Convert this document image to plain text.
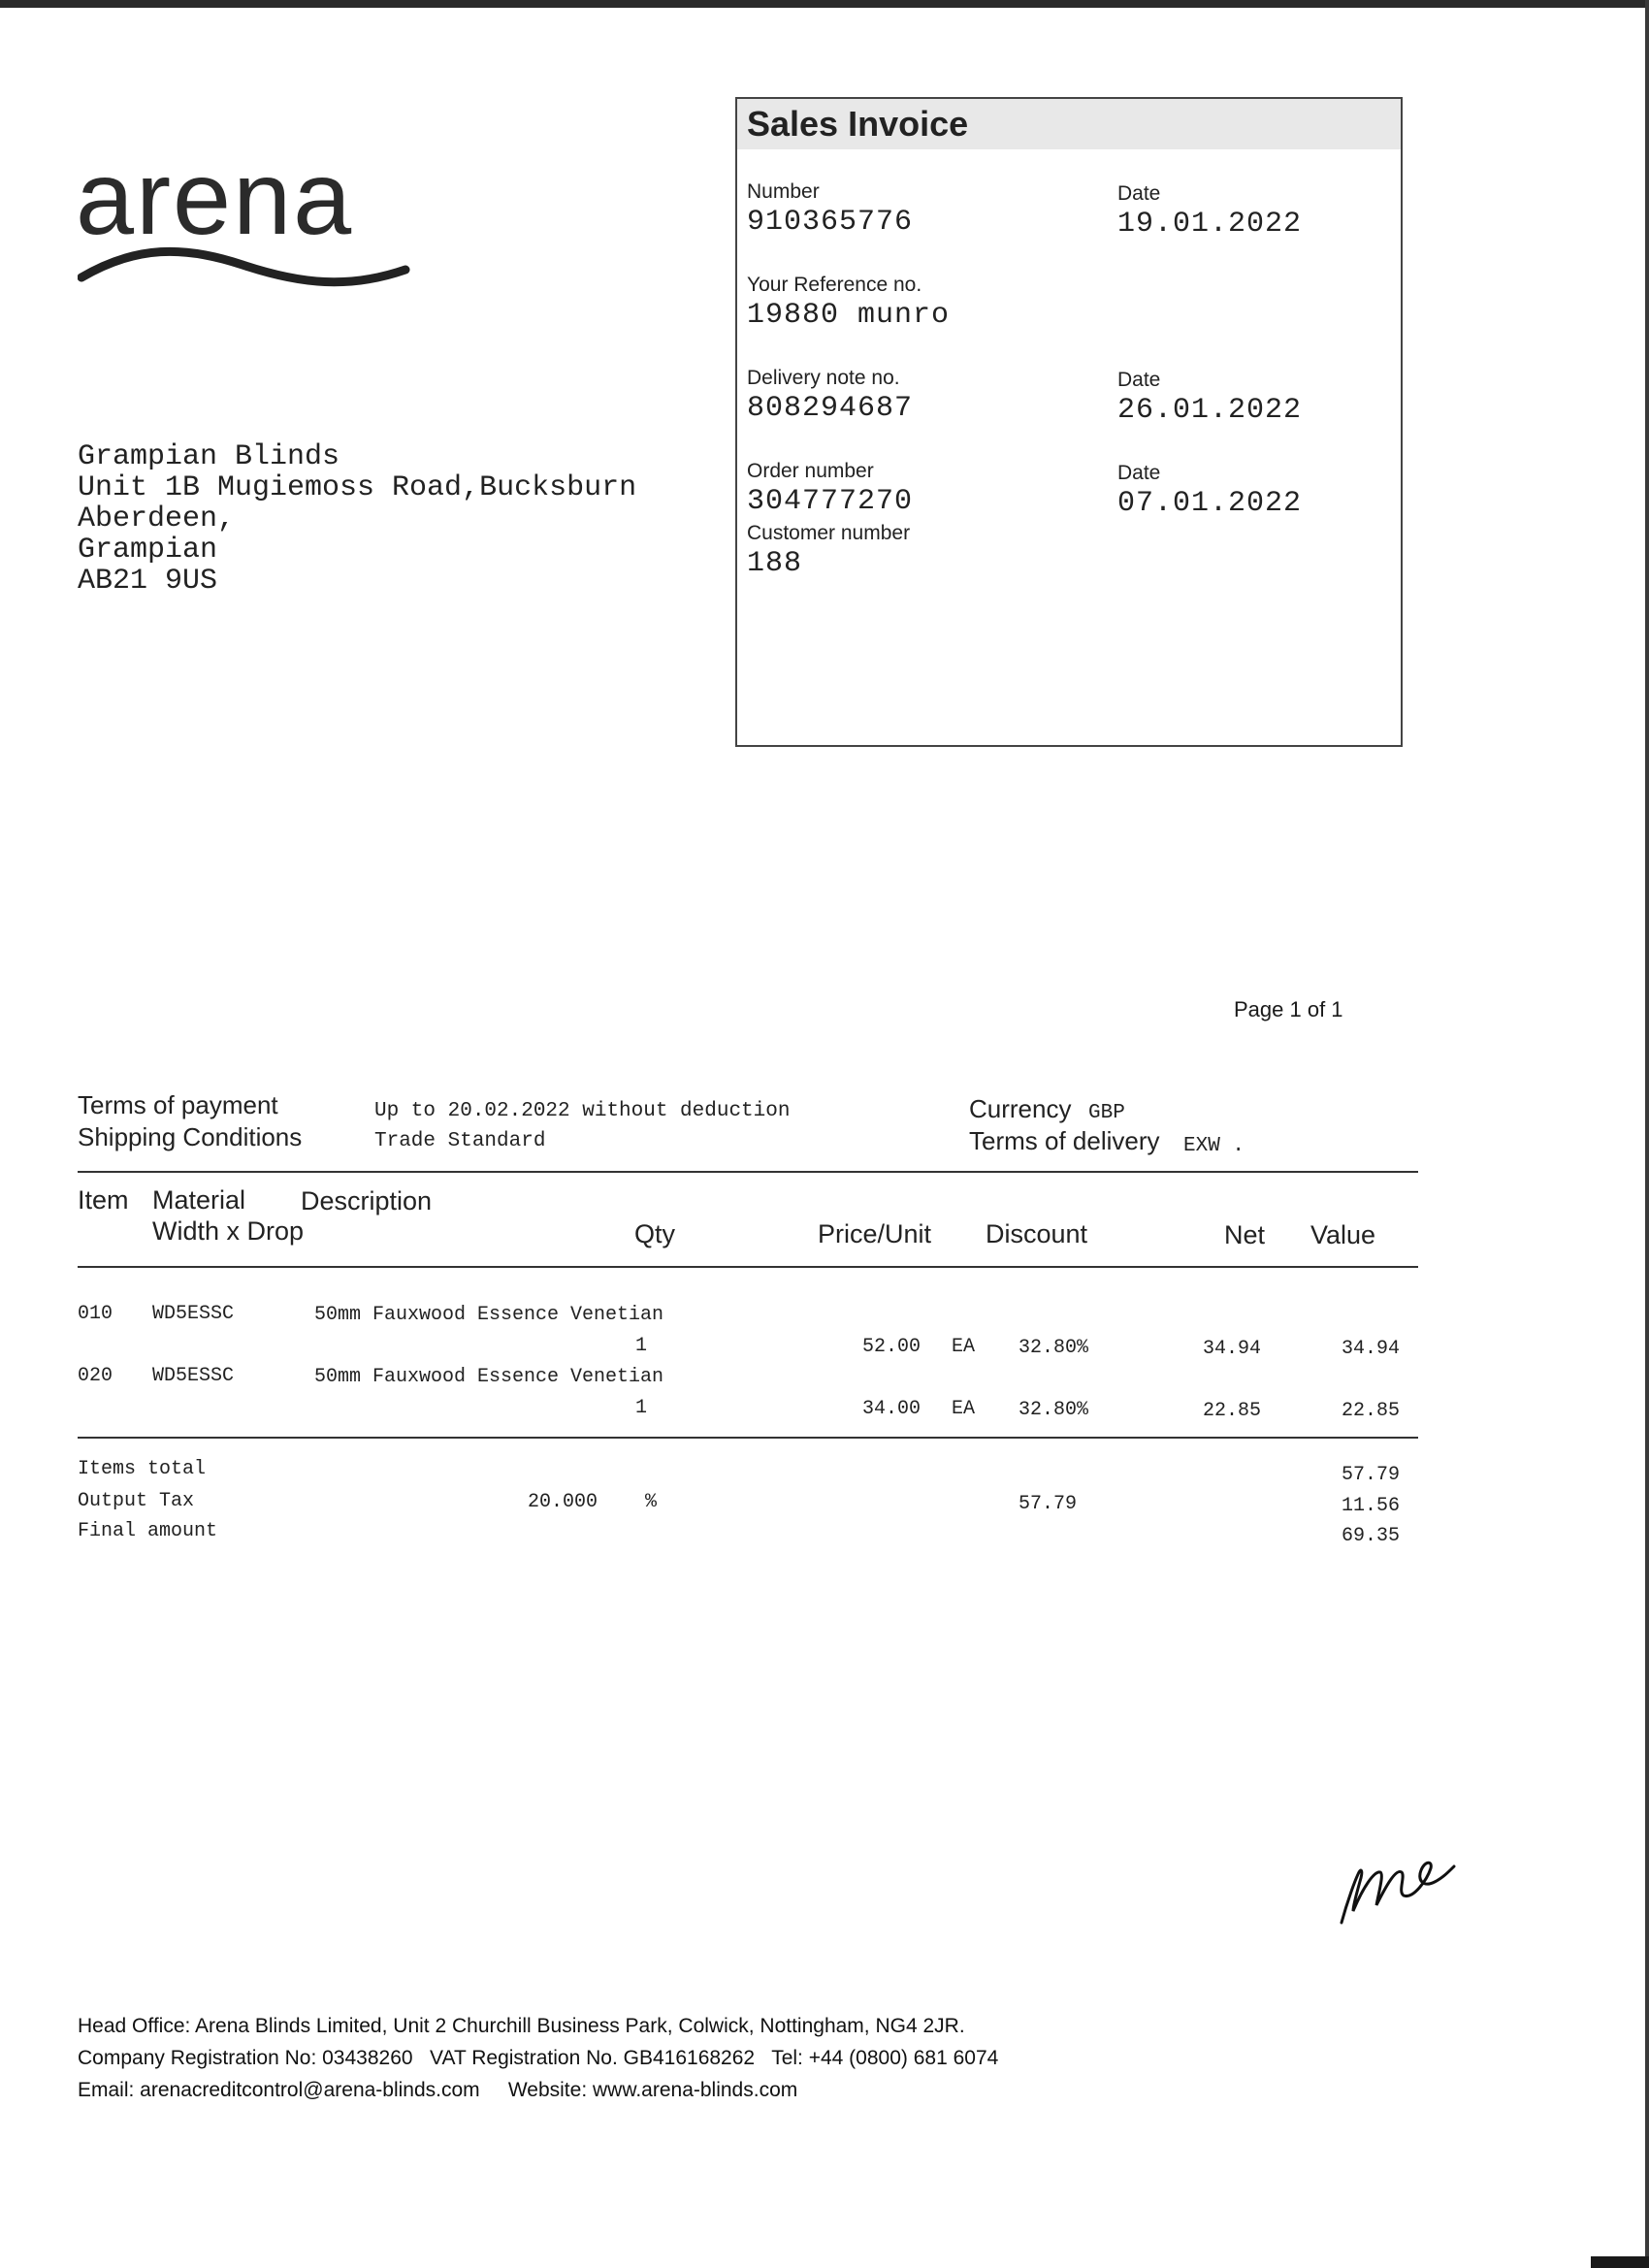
arena
Grampian Blinds
Unit 1B Mugiemoss Road,Bucksburn
Aberdeen,
Grampian
AB21 9US
Sales Invoice
Number
910365776
Date
19.01.2022
Your Reference no.
19880 munro
Delivery note no.
808294687
Date
26.01.2022
Order number
304777270
Date
07.01.2022
Customer number
188
Page 1 of 1
Terms of payment	Up to 20.02.2022 without deduction
Shipping Conditions	Trade Standard
Currency GBP
Terms of delivery EXW .
Item Material Description
Width x Drop	Qty	Price/Unit Discount	Net Value
010 WD5ESSC	50mm Fauxwood Essence Venetian
1	52.00 EA 32.80%	34.94	34.94
020 WD5ESSC	50mm Fauxwood Essence Venetian
1	34.00 EA 32.80%	22.85	22.85
Items total	57.79
Output Tax	20.000 %	57.79	11.56
Final amount	69.35
Head Office: Arena Blinds Limited, Unit 2 Churchill Business Park, Colwick, Nottingham, NG4 2JR.
Company Registration No: 03438260   VAT Registration No. GB416168262   Tel: +44 (0800) 681 6074
Email: arenacreditcontrol@arena-blinds.com     Website: www.arena-blinds.com
